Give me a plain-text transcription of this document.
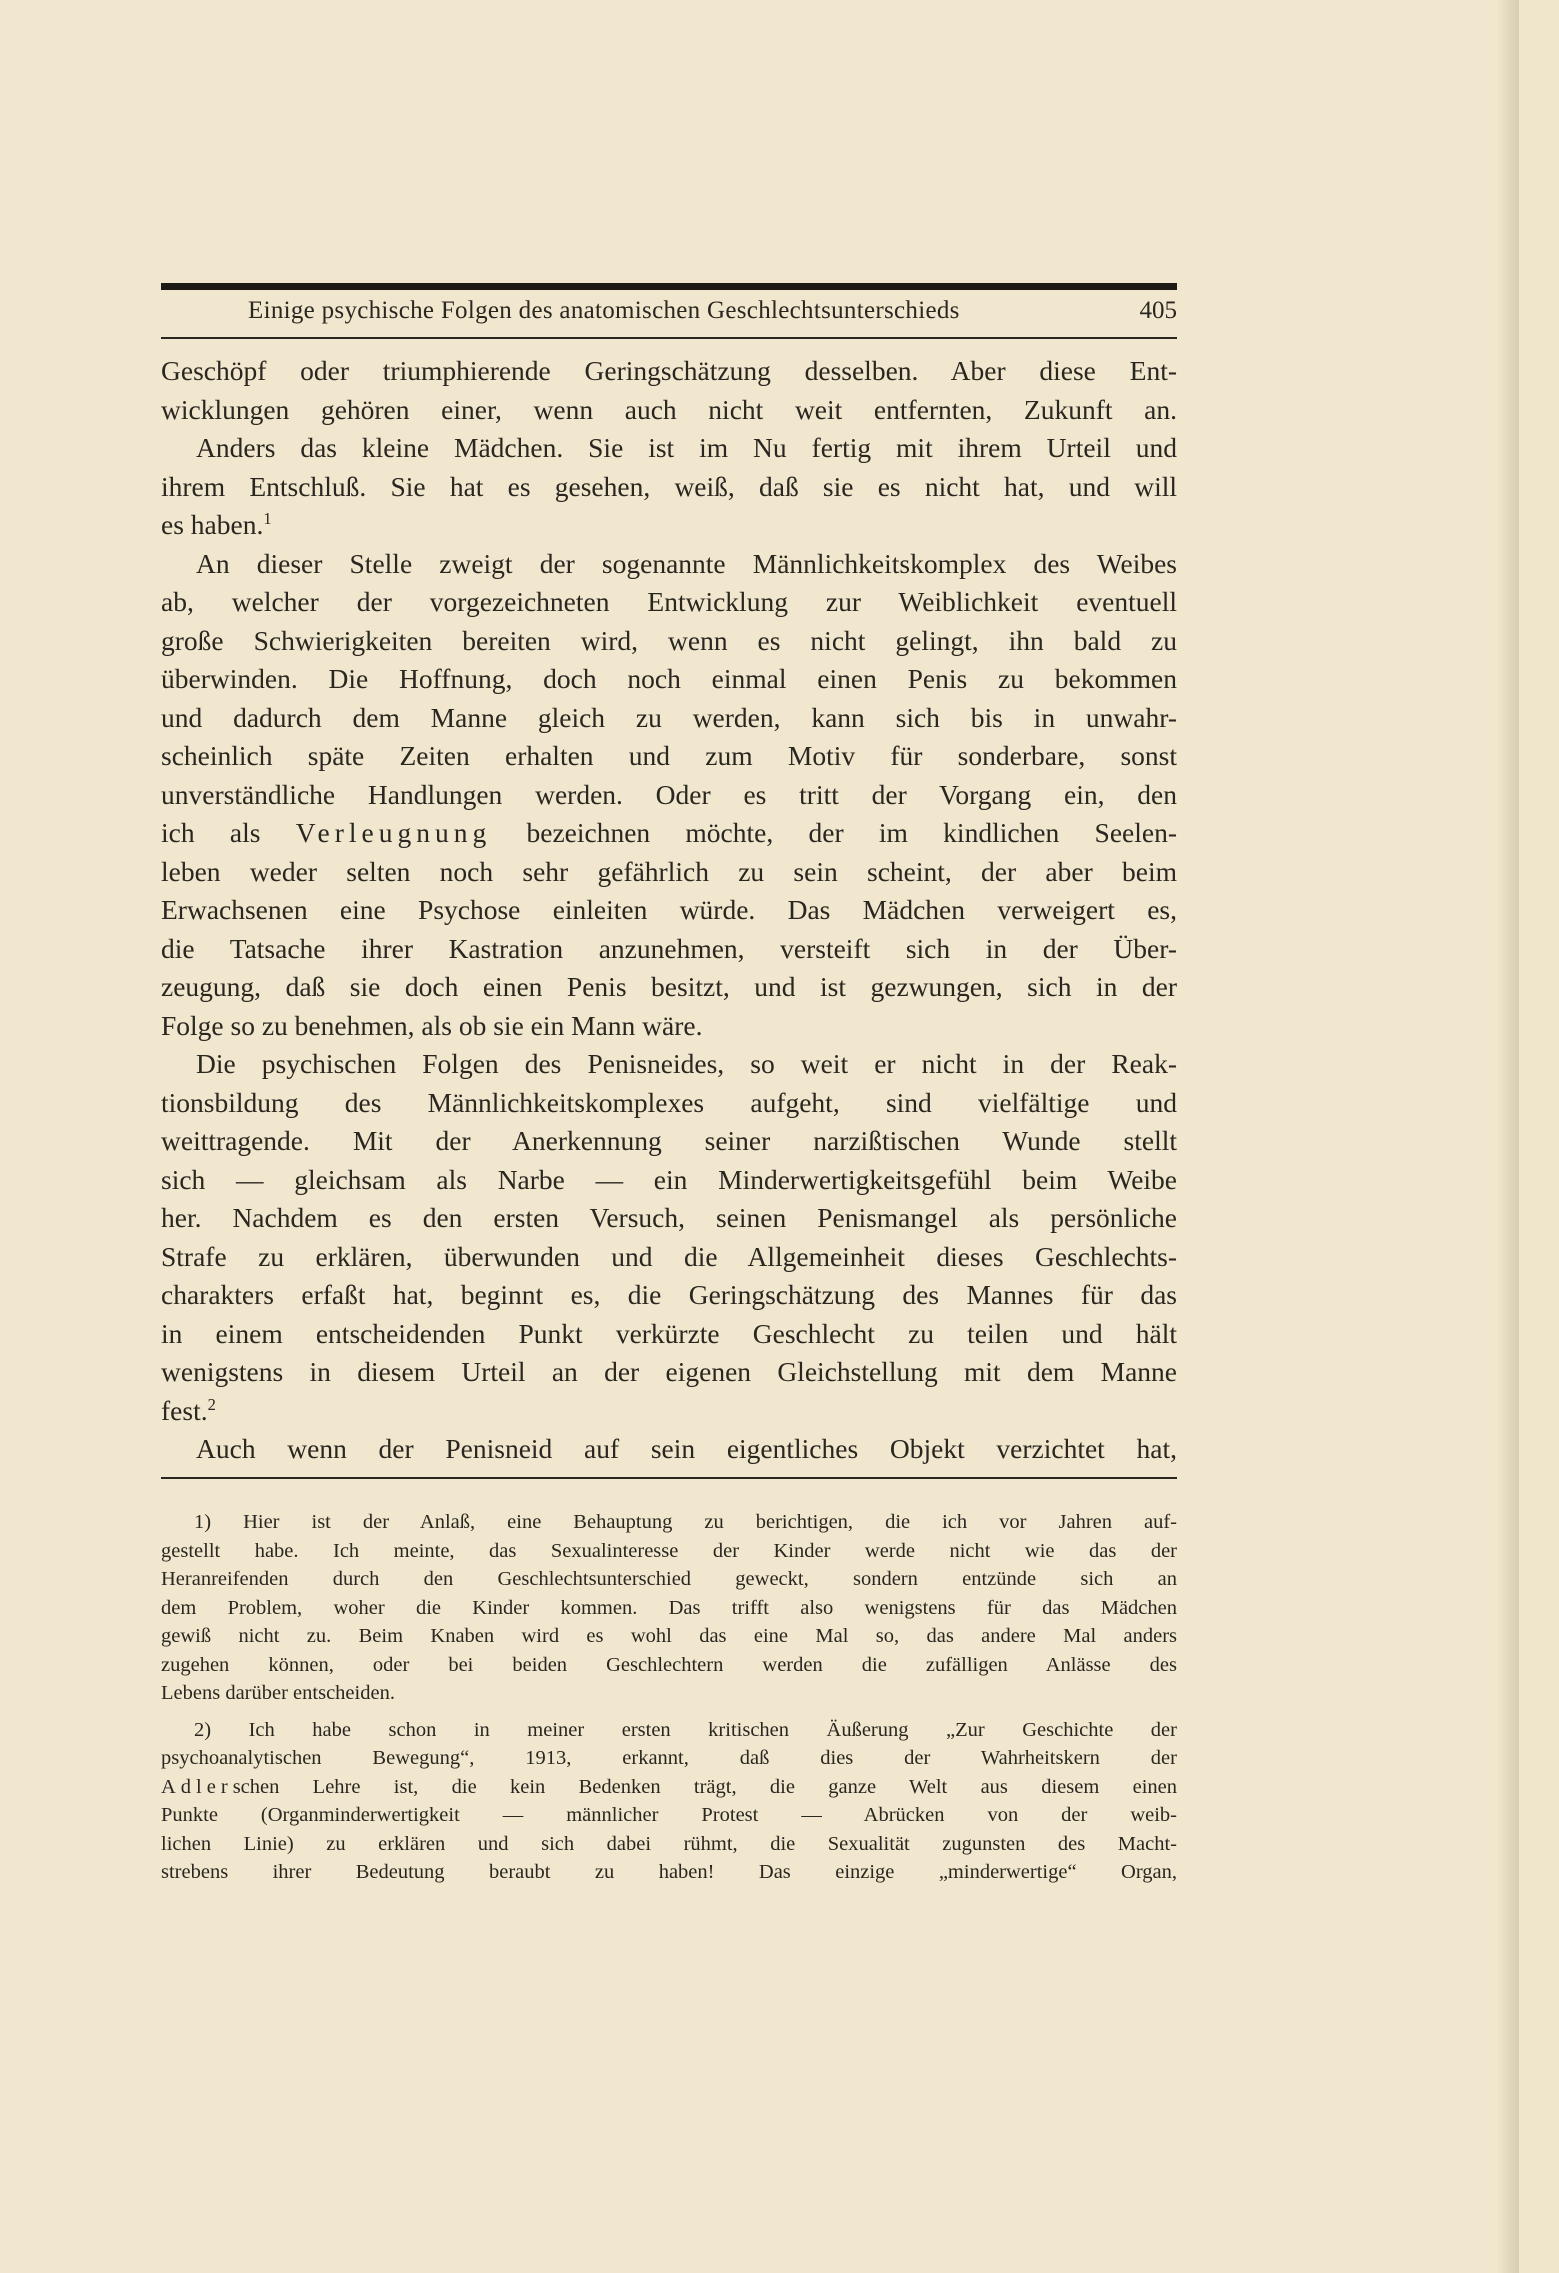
Einige psychische Folgen des anatomischen Geschlechtsunterschieds	405
Geschöpf oder triumphierende Geringschätzung desselben. Aber diese Ent-
wicklungen gehören einer, wenn auch nicht weit entfernten, Zukunft an.
Anders das kleine Mädchen. Sie ist im Nu fertig mit ihrem Urteil und
ihrem Entschluß. Sie hat es gesehen, weiß, daß sie es nicht hat, und will
es haben.$^1$
An dieser Stelle zweigt der sogenannte Männlichkeitskomplex des Weibes
ab, welcher der vorgezeichneten Entwicklung zur Weiblichkeit eventuell
große Schwierigkeiten bereiten wird, wenn es nicht gelingt, ihn bald zu
überwinden. Die Hoffnung, doch noch einmal einen Penis zu bekommen
und dadurch dem Manne gleich zu werden, kann sich bis in unwahr-
scheinlich späte Zeiten erhalten und zum Motiv für sonderbare, sonst
unverständliche Handlungen werden. Oder es tritt der Vorgang ein, den
ich als Verleugnung bezeichnen möchte, der im kindlichen Seelen-
leben weder selten noch sehr gefährlich zu sein scheint, der aber beim
Erwachsenen eine Psychose einleiten würde. Das Mädchen verweigert es,
die Tatsache ihrer Kastration anzunehmen, versteift sich in der Über-
zeugung, daß sie doch einen Penis besitzt, und ist gezwungen, sich in der
Folge so zu benehmen, als ob sie ein Mann wäre.
Die psychischen Folgen des Penisneides, so weit er nicht in der Reak-
tionsbildung des Männlichkeitskomplexes aufgeht, sind vielfältige und
weittragende. Mit der Anerkennung seiner narzißtischen Wunde stellt
sich — gleichsam als Narbe — ein Minderwertigkeitsgefühl beim Weibe
her. Nachdem es den ersten Versuch, seinen Penismangel als persönliche
Strafe zu erklären, überwunden und die Allgemeinheit dieses Geschlechts-
charakters erfaßt hat, beginnt es, die Geringschätzung des Mannes für das
in einem entscheidenden Punkt verkürzte Geschlecht zu teilen und hält
wenigstens in diesem Urteil an der eigenen Gleichstellung mit dem Manne
fest.$^2$
Auch wenn der Penisneid auf sein eigentliches Objekt verzichtet hat,
1) Hier ist der Anlaß, eine Behauptung zu berichtigen, die ich vor Jahren auf-
gestellt habe. Ich meinte, das Sexualinteresse der Kinder werde nicht wie das der
Heranreifenden durch den Geschlechtsunterschied geweckt, sondern entzünde sich an
dem Problem, woher die Kinder kommen. Das trifft also wenigstens für das Mädchen
gewiß nicht zu. Beim Knaben wird es wohl das eine Mal so, das andere Mal anders
zugehen können, oder bei beiden Geschlechtern werden die zufälligen Anlässe des
Lebens darüber entscheiden.
2) Ich habe schon in meiner ersten kritischen Äußerung „Zur Geschichte der
psychoanalytischen Bewegung“, 1913, erkannt, daß dies der Wahrheitskern der
Adlerschen Lehre ist, die kein Bedenken trägt, die ganze Welt aus diesem einen
Punkte (Organminderwertigkeit — männlicher Protest — Abrücken von der weib-
lichen Linie) zu erklären und sich dabei rühmt, die Sexualität zugunsten des Macht-
strebens ihrer Bedeutung beraubt zu haben! Das einzige „minderwertige“ Organ,
